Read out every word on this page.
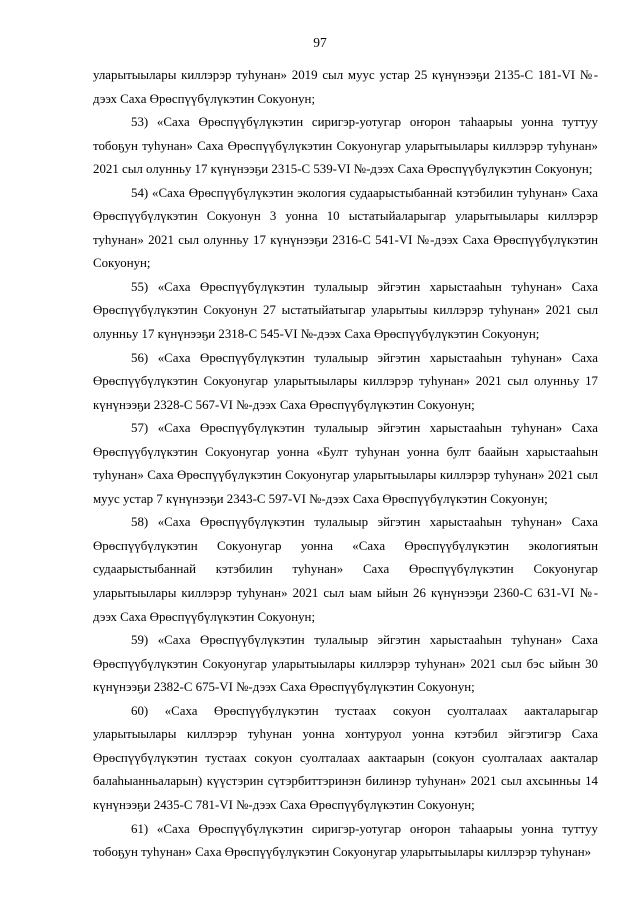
97

уларытыылары киллэрэр туһунан» 2019 сыл муус устар 25 күнүнээҕи 2135-С 181-VI №-дээх Саха Өрөспүүбүлүкэтин Сокуонун;

53) «Саха Өрөспүүбүлүкэтин сиригэр-уотугар оҥорон таһаарыы уонна туттуу тобоҕун туһунан» Саха Өрөспүүбүлүкэтин Сокуонугар уларытыылары киллэрэр туһунан» 2021 сыл олунньу 17 күнүнээҕи 2315-С 539-VI №-дээх Саха Өрөспүүбүлүкэтин Сокуонун;

54) «Саха Өрөспүүбүлүкэтин экология судаарыстыбаннай кэтэбилин туһунан» Саха Өрөспүүбүлүкэтин Сокуонун 3 уонна 10 ыстатыйаларыгар уларытыылары киллэрэр туһунан» 2021 сыл олунньу 17 күнүнээҕи 2316-С 541-VI №-дээх Саха Өрөспүүбүлүкэтин Сокуонун;

55) «Саха Өрөспүүбүлүкэтин тулалыыр эйгэтин харыстааһын туһунан» Саха Өрөспүүбүлүкэтин Сокуонун 27 ыстатыйатыгар уларытыы киллэрэр туһунан» 2021 сыл олунньу 17 күнүнээҕи 2318-С 545-VI №-дээх Саха Өрөспүүбүлүкэтин Сокуонун;

56) «Саха Өрөспүүбүлүкэтин тулалыыр эйгэтин харыстааһын туһунан» Саха Өрөспүүбүлүкэтин Сокуонугар уларытыылары киллэрэр туһунан» 2021 сыл олунньу 17 күнүнээҕи 2328-С 567-VI №-дээх Саха Өрөспүүбүлүкэтин Сокуонун;

57) «Саха Өрөспүүбүлүкэтин тулалыыр эйгэтин харыстааһын туһунан» Саха Өрөспүүбүлүкэтин Сокуонугар уонна «Булт туһунан уонна булт баайын харыстааһын туһунан» Саха Өрөспүүбүлүкэтин Сокуонугар уларытыылары киллэрэр туһунан» 2021 сыл муус устар 7 күнүнээҕи 2343-С 597-VI №-дээх Саха Өрөспүүбүлүкэтин Сокуонун;

58) «Саха Өрөспүүбүлүкэтин тулалыыр эйгэтин харыстааһын туһунан» Саха Өрөспүүбүлүкэтин Сокуонугар уонна «Саха Өрөспүүбүлүкэтин экологиятын судаарыстыбаннай кэтэбилин туһунан» Саха Өрөспүүбүлүкэтин Сокуонугар уларытыылары киллэрэр туһунан» 2021 сыл ыам ыйын 26 күнүнээҕи 2360-С 631-VI №-дээх Саха Өрөспүүбүлүкэтин Сокуонун;

59) «Саха Өрөспүүбүлүкэтин тулалыыр эйгэтин харыстааһын туһунан» Саха Өрөспүүбүлүкэтин Сокуонугар уларытыылары киллэрэр туһунан» 2021 сыл бэс ыйын 30 күнүнээҕи 2382-С 675-VI №-дээх Саха Өрөспүүбүлүкэтин Сокуонун;

60) «Саха Өрөспүүбүлүкэтин тустаах сокуон суолталаах аакталарыгар уларытыылары киллэрэр туһунан уонна хонтуруол уонна кэтэбил эйгэтигэр Саха Өрөспүүбүлүкэтин тустаах сокуон суолталаах аактаарын (сокуон суолталаах аакталар балаһыанньаларын) күүстэрин сүтэрбиттэринэн билинэр туһунан» 2021 сыл ахсынньы 14 күнүнээҕи 2435-С 781-VI №-дээх Саха Өрөспүүбүлүкэтин Сокуонун;

61) «Саха Өрөспүүбүлүкэтин сиригэр-уотугар оҥорон таһаарыы уонна туттуу тобоҕун туһунан» Саха Өрөспүүбүлүкэтин Сокуонугар уларытыылары киллэрэр туһунан»
